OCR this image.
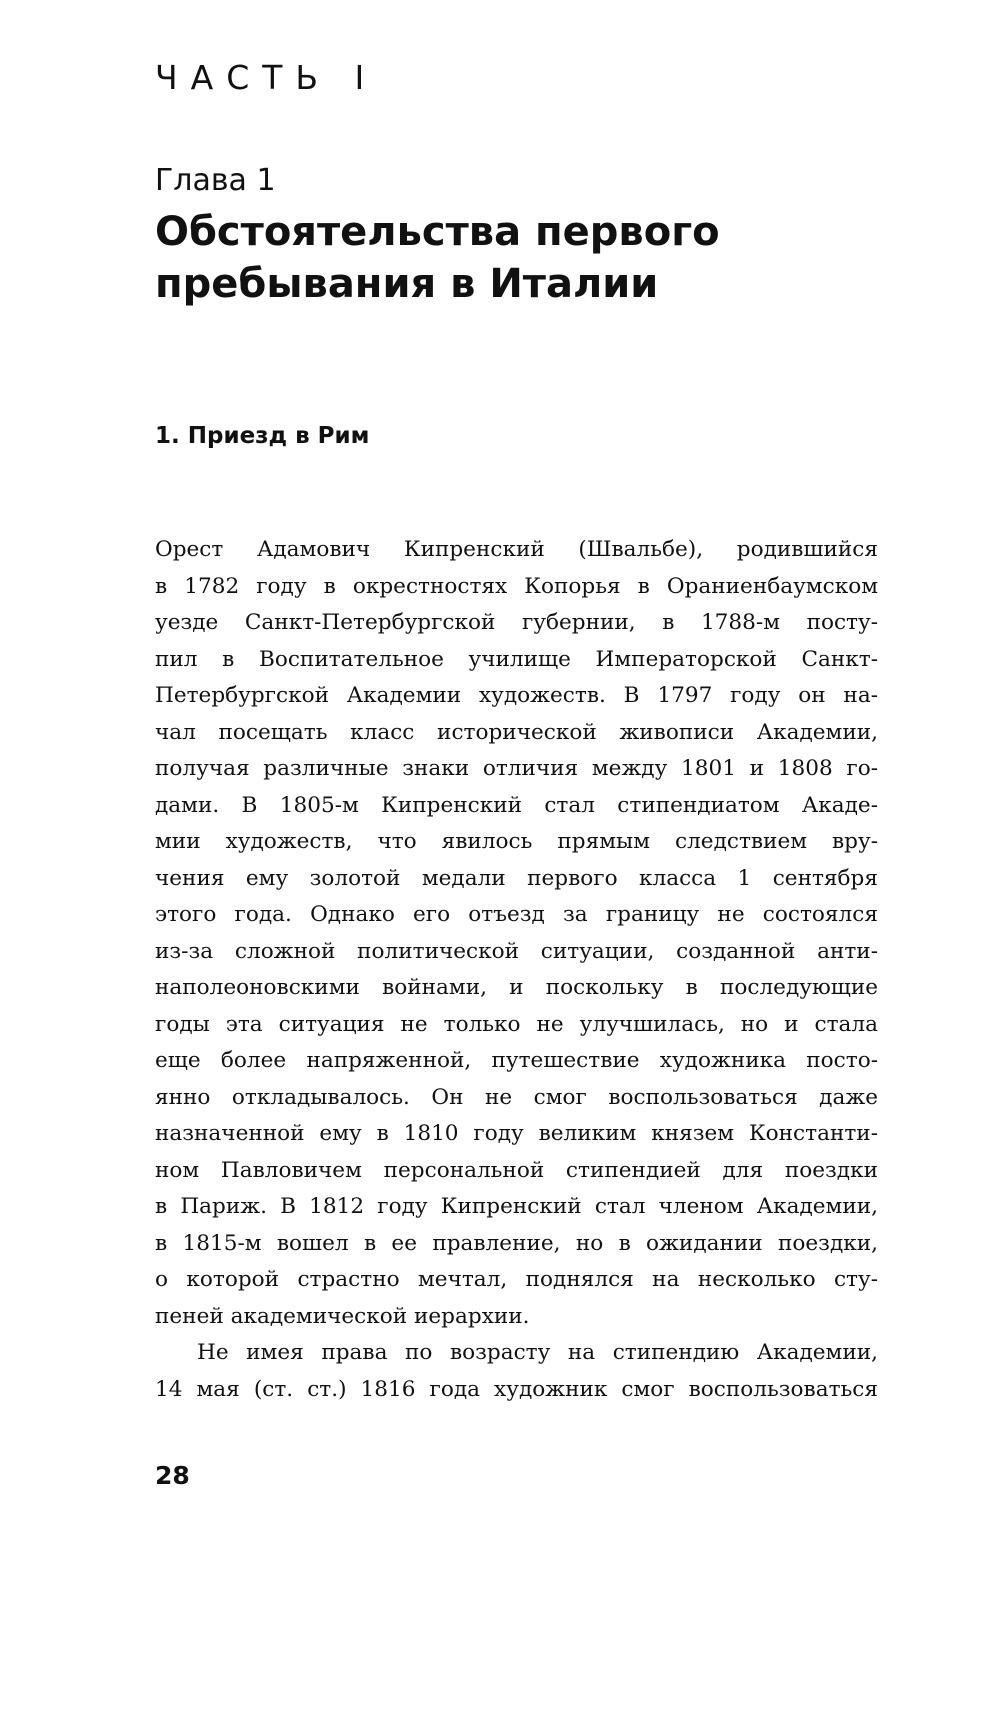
ЧАСТЬ I
Глава 1
Обстоятельства первого
пребывания в Италии
1. Приезд в Рим

Орест Адамович Кипренский (Швальбе), родившийся
в 1782 году в окрестностях Копорья в Ораниенбаумском
уезде Санкт-Петербургской губернии, в 1788-м посту-
пил в Воспитательное училище Императорской Санкт-
Петербургской Академии художеств. В 1797 году он на-
чал посещать класс исторической живописи Академии,
получая различные знаки отличия между 1801 и 1808 го-
дами. В 1805-м Кипренский стал стипендиатом Акаде-
мии художеств, что явилось прямым следствием вру-
чения ему золотой медали первого класса 1 сентября
этого года. Однако его отъезд за границу не состоялся
из-за сложной политической ситуации, созданной анти-
наполеоновскими войнами, и поскольку в последующие
годы эта ситуация не только не улучшилась, но и стала
еще более напряженной, путешествие художника посто-
янно откладывалось. Он не смог воспользоваться даже
назначенной ему в 1810 году великим князем Константи-
ном Павловичем персональной стипендией для поездки
в Париж. В 1812 году Кипренский стал членом Академии,
в 1815-м вошел в ее правление, но в ожидании поездки,
о которой страстно мечтал, поднялся на несколько сту-
пеней академической иерархии.

Не имея права по возрасту на стипендию Академии,
14 мая (ст. ст.) 1816 года художник смог воспользоваться

28
